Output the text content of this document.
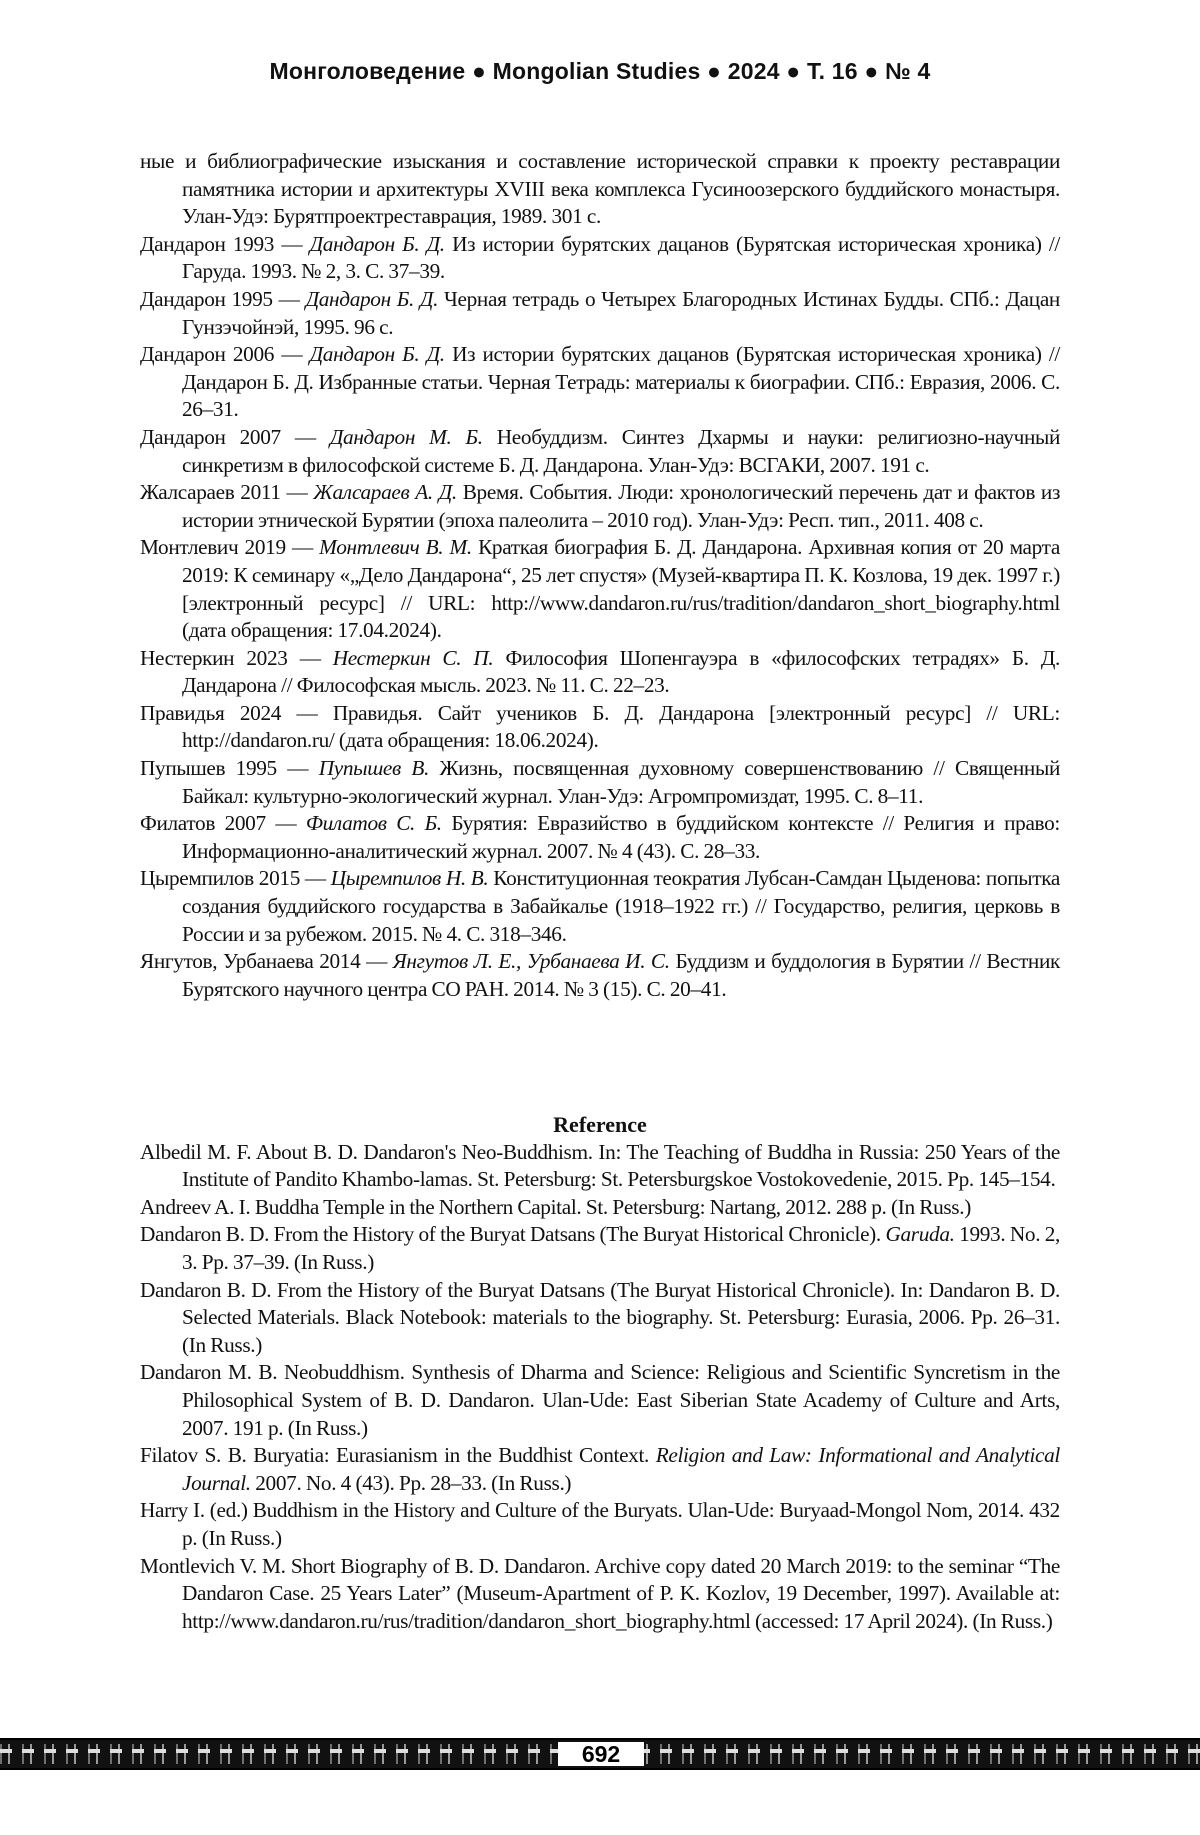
Монголоведение ● Mongolian Studies ● 2024 ● Т. 16 ● № 4
ные и библиографические изыскания и составление исторической справки к проекту реставрации памятника истории и архитектуры XVIII века комплекса Гусиноозерского буддийского монастыря. Улан-Удэ: Бурятпроектреставрация, 1989. 301 с.
Дандарон 1993 — Дандарон Б. Д. Из истории бурятских дацанов (Бурятская историческая хроника) // Гаруда. 1993. № 2, 3. С. 37–39.
Дандарон 1995 — Дандарон Б. Д. Черная тетрадь о Четырех Благородных Истинах Будды. СПб.: Дацан Гунзэчойнэй, 1995. 96 с.
Дандарон 2006 — Дандарон Б. Д. Из истории бурятских дацанов (Бурятская историческая хроника) // Дандарон Б. Д. Избранные статьи. Черная Тетрадь: материалы к биографии. СПб.: Евразия, 2006. С. 26–31.
Дандарон 2007 — Дандарон М. Б. Необуддизм. Синтез Дхармы и науки: религиозно-научный синкретизм в философской системе Б. Д. Дандарона. Улан-Удэ: ВСГАКИ, 2007. 191 с.
Жалсараев 2011 — Жалсараев А. Д. Время. События. Люди: хронологический перечень дат и фактов из истории этнической Бурятии (эпоха палеолита – 2010 год). Улан-Удэ: Респ. тип., 2011. 408 с.
Монтлевич 2019 — Монтлевич В. М. Краткая биография Б. Д. Дандарона. Архивная копия от 20 марта 2019: К семинару «„Дело Дандарона“, 25 лет спустя» (Музей-квартира П. К. Козлова, 19 дек. 1997 г.) [электронный ресурс] // URL: http://www.dandaron.ru/rus/tradition/dandaron_short_biography.html (дата обращения: 17.04.2024).
Нестеркин 2023 — Нестеркин С. П. Философия Шопенгауэра в «философских тетрадях» Б. Д. Дандарона // Философская мысль. 2023. № 11. С. 22–23.
Правидья 2024 — Правидья. Сайт учеников Б. Д. Дандарона [электронный ресурс] // URL: http://dandaron.ru/ (дата обращения: 18.06.2024).
Пупышев 1995 — Пупышев В. Жизнь, посвященная духовному совершенствованию // Священный Байкал: культурно-экологический журнал. Улан-Удэ: Агромпромиздат, 1995. С. 8–11.
Филатов 2007 — Филатов С. Б. Бурятия: Евразийство в буддийском контексте // Религия и право: Информационно-аналитический журнал. 2007. № 4 (43). С. 28–33.
Цыремпилов 2015 — Цыремпилов Н. В. Конституционная теократия Лубсан-Самдан Цыденова: попытка создания буддийского государства в Забайкалье (1918–1922 гг.) // Государство, религия, церковь в России и за рубежом. 2015. № 4. С. 318–346.
Янгутов, Урбанаева 2014 — Янгутов Л. Е., Урбанаева И. С. Буддизм и буддология в Бурятии // Вестник Бурятского научного центра СО РАН. 2014. № 3 (15). С. 20–41.
Reference
Albedil M. F. About B. D. Dandaron's Neo-Buddhism. In: The Teaching of Buddha in Russia: 250 Years of the Institute of Pandito Khambo-lamas. St. Petersburg: St. Petersburgskoe Vostokovedenie, 2015. Pp. 145–154.
Andreev A. I. Buddha Temple in the Northern Capital. St. Petersburg: Nartang, 2012. 288 p. (In Russ.)
Dandaron B. D. From the History of the Buryat Datsans (The Buryat Historical Chronicle). Garuda. 1993. No. 2, 3. Pp. 37–39. (In Russ.)
Dandaron B. D. From the History of the Buryat Datsans (The Buryat Historical Chronicle). In: Dandaron B. D. Selected Materials. Black Notebook: materials to the biography. St. Petersburg: Eurasia, 2006. Pp. 26–31. (In Russ.)
Dandaron M. B. Neobuddhism. Synthesis of Dharma and Science: Religious and Scientific Syncretism in the Philosophical System of B. D. Dandaron. Ulan-Ude: East Siberian State Academy of Culture and Arts, 2007. 191 p. (In Russ.)
Filatov S. B. Buryatia: Eurasianism in the Buddhist Context. Religion and Law: Informational and Analytical Journal. 2007. No. 4 (43). Pp. 28–33. (In Russ.)
Harry I. (ed.) Buddhism in the History and Culture of the Buryats. Ulan-Ude: Buryaad-Mongol Nom, 2014. 432 p. (In Russ.)
Montlevich V. M. Short Biography of B. D. Dandaron. Archive copy dated 20 March 2019: to the seminar “The Dandaron Case. 25 Years Later” (Museum-Apartment of P. K. Kozlov, 19 December, 1997). Available at: http://www.dandaron.ru/rus/tradition/dandaron_short_biography.html (accessed: 17 April 2024). (In Russ.)
692
